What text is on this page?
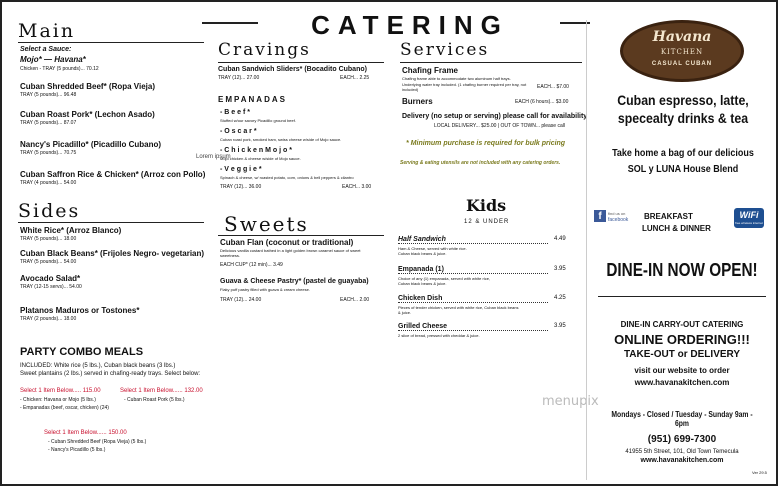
CATERING
Main
Select a Sauce:
Mojo* — Havana*
Chicken - TRAY (5 pounds)... 70.12
Cuban Shredded Beef* (Ropa Vieja)
TRAY (5 pounds)... 96.48
Cuban Roast Pork* (Lechon Asado)
TRAY (5 pounds)... 87.07
Nancy's Picadillo* (Picadillo Cubano)
TRAY (5 pounds)... 70.75
Cuban Saffron Rice & Chicken* (Arroz con Pollo)
TRAY (4 pounds)... 54.00
Sides
White Rice* (Arroz Blanco)
TRAY (5 pounds)... 18.00
Cuban Black Beans* (Frijoles Negro- vegetarian)
TRAY (5 pounds)... 54.00
Avocado Salad*
TRAY (12-15 servs)... 54.00
Platanos Maduros or Tostones*
TRAY (2 pounds)... 18.00
PARTY COMBO MEALS
INCLUDED: White rice (5 lbs.), Cuban black beans (3 lbs.)
Sweet plantains (2 lbs.) served in chafing-ready trays. Select below:
Select 1 Item Below..... 115.00
- Chicken: Havana or Mojo (5 lbs.)
- Empanadas (beef, oscar, chicken) (24)
Select 1 Item Below...... 132.00
- Cuban Roast Pork (5 lbs.)
Select 1 Item Below...... 150.00
- Cuban Shredded Beef (Ropa Vieja) (5 lbs.)
- Nancy's Picadillo (5 lbs.)
Cravings
Cuban Sandwich Sliders* (Bocadito Cubano)
TRAY (12)... 27.00	EACH... 2.25
EMPANADAS
- B e e f *
Stuffed w/our savory Picadillo ground beef.
- O s c a r *
Cuban roast pork, smoked ham, swiss cheese w/side of Mojo sauce.
- C h i c k e n M o j o *
Mojo chicken & cheese w/side of Mojo sauce.
Lorem ipsum
- V e g g i e *
Spinach & cheese, w/ roasted potato, corn, onions & bell peppers & cilantro
TRAY (12)... 36.00	EACH... 3.00
Sweets
Cuban Flan (coconut or traditional)
Delicious vanilla custard bathed in a light golden brown caramel sauce of sweet sweetness.
EACH CUP* (12 min)... 3.49
Guava & Cheese Pastry* (pastel de guayaba)
Flaky puff pastry filled with guava & cream cheese.
TRAY (12)... 24.00	EACH... 2.00
Services
Chafing Frame
Chafing frame able to accommodate two aluminum half trays.
Underlying water tray included. (1 chafing burner required per tray, not included)	EACH... $7.00
Burners	EACH (6 hours)... $3.00
Delivery (no setup or serving) please call for availability
LOCAL DELIVERY... $25.00 | OUT OF TOWN... please call
* Minimum purchase is required for bulk pricing
Serving & eating utensils are not included with any catering orders.
Kids
12 & UNDER
Half Sandwich	4.49
Ham & Cheese, served with white rice.
Cuban black beans & juice.
Empanada (1)	3.95
Choice of any (1) empanada, served with white rice,
Cuban black beans & juice.
Chicken Dish	4.25
Pieces of tender chicken, served with white rice, Cuban black beans
& juice.
Grilled Cheese	3.95
2 slice of bread, pressed with cheddar & juice.
menupix
Havana
KITCHEN
CASUAL CUBAN
Cuban espresso, latte,
specealty drinks & tea
Take home a bag of our delicious
SOL y LUNA House Blend
f	find us on
facebook BREAKFAST
LUNCH & DINNER
WiFi
free wireless internet
DINE-IN NOW OPEN!
DINE-IN CARRY-OUT CATERING
ONLINE ORDERING!!!
TAKE-OUT or DELIVERY
visit our website to order
www.havanakitchen.com
Mondays - Closed / Tuesday - Sunday 9am - 6pm
(951) 699-7300
41955 5th Street, 101, Old Town Temecula
www.havanakitchen.com
Ver 29.5
